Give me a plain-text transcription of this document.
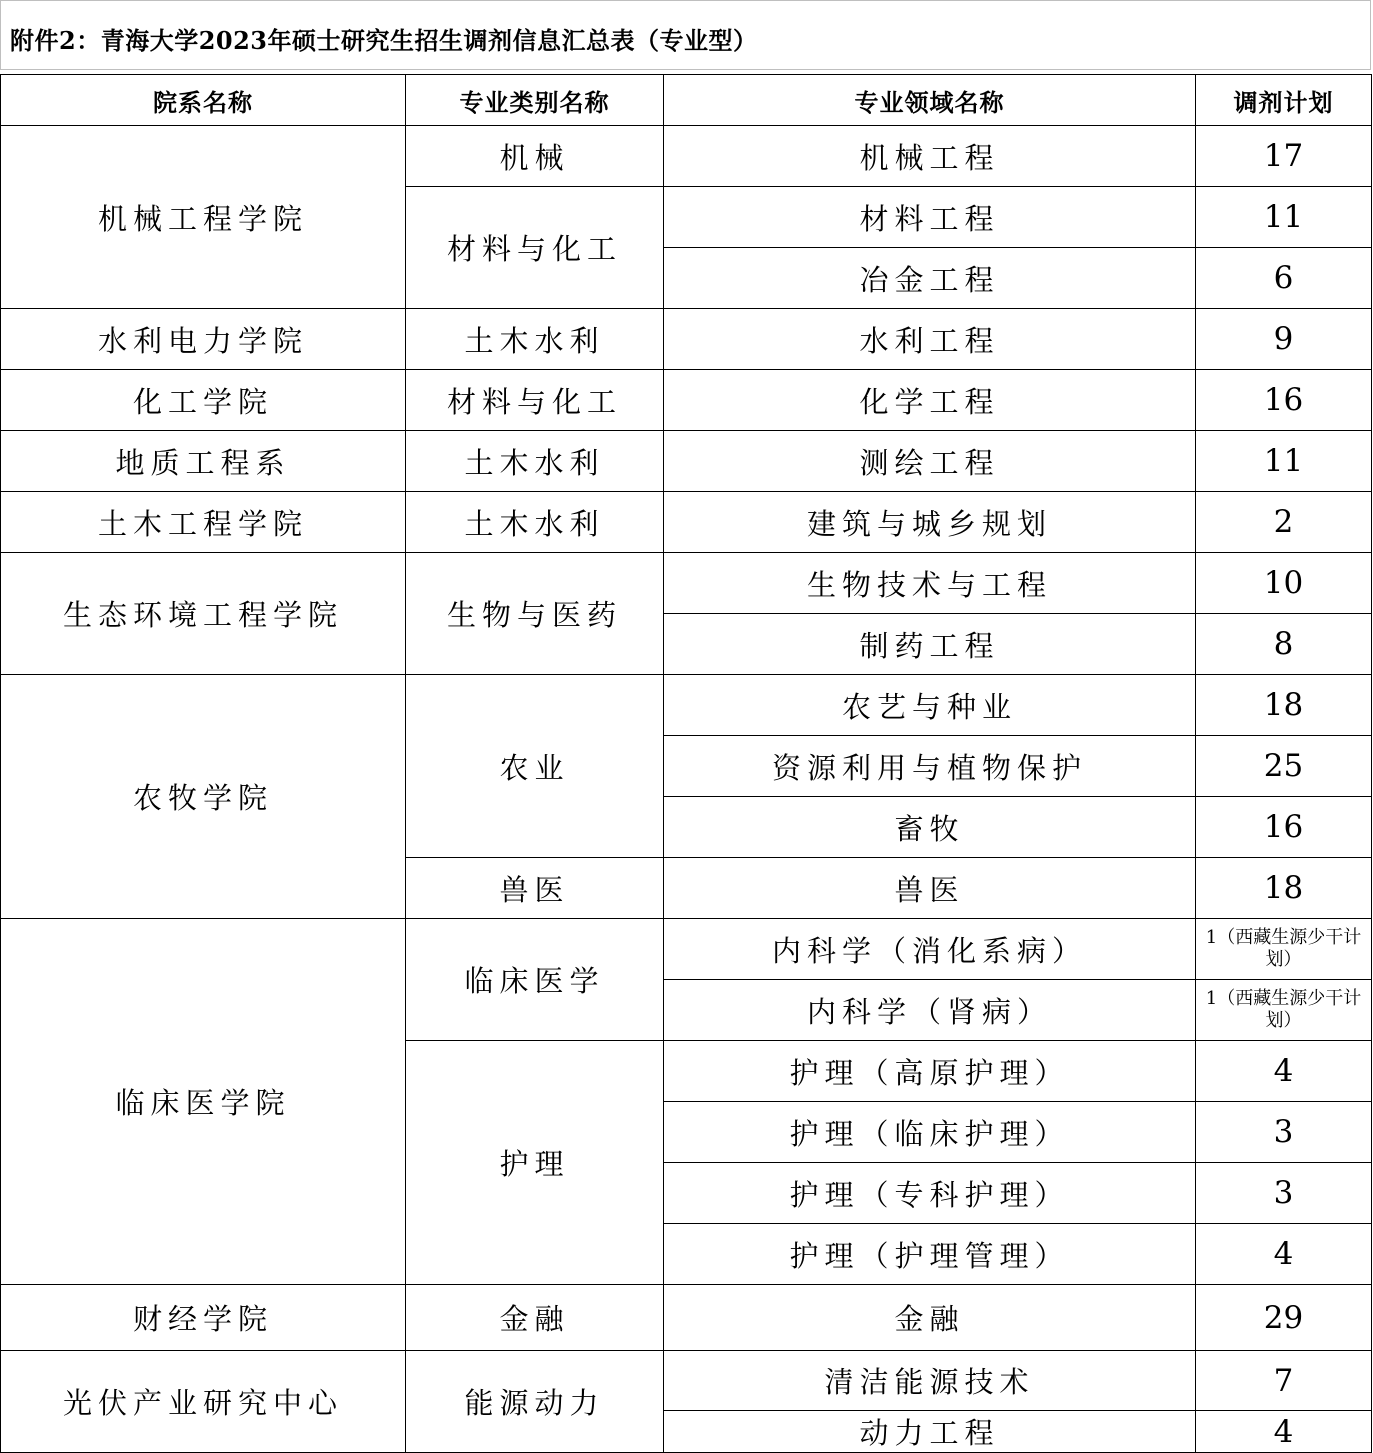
附件2：青海大学2023年硕士研究生招生调剂信息汇总表（专业型）
院系名称	专业类别名称	专业领域名称	调剂计划
机械工程学院	机械	机械工程	17
	材料与化工	材料工程	11
		冶金工程	6
水利电力学院	土木水利	水利工程	9
化工学院	材料与化工	化学工程	16
地质工程系	土木水利	测绘工程	11
土木工程学院	土木水利	建筑与城乡规划	2
生态环境工程学院	生物与医药	生物技术与工程	10
		制药工程	8
农牧学院	农业	农艺与种业	18
		资源利用与植物保护	25
		畜牧	16
	兽医	兽医	18
临床医学院	临床医学	内科学（消化系病）	1（西藏生源少干计划）
		内科学（肾病）	1（西藏生源少干计划）
	护理	护理（高原护理）	4
		护理（临床护理）	3
		护理（专科护理）	3
		护理（护理管理）	4
财经学院	金融	金融	29
光伏产业研究中心	能源动力	清洁能源技术	7
		动力工程	4
